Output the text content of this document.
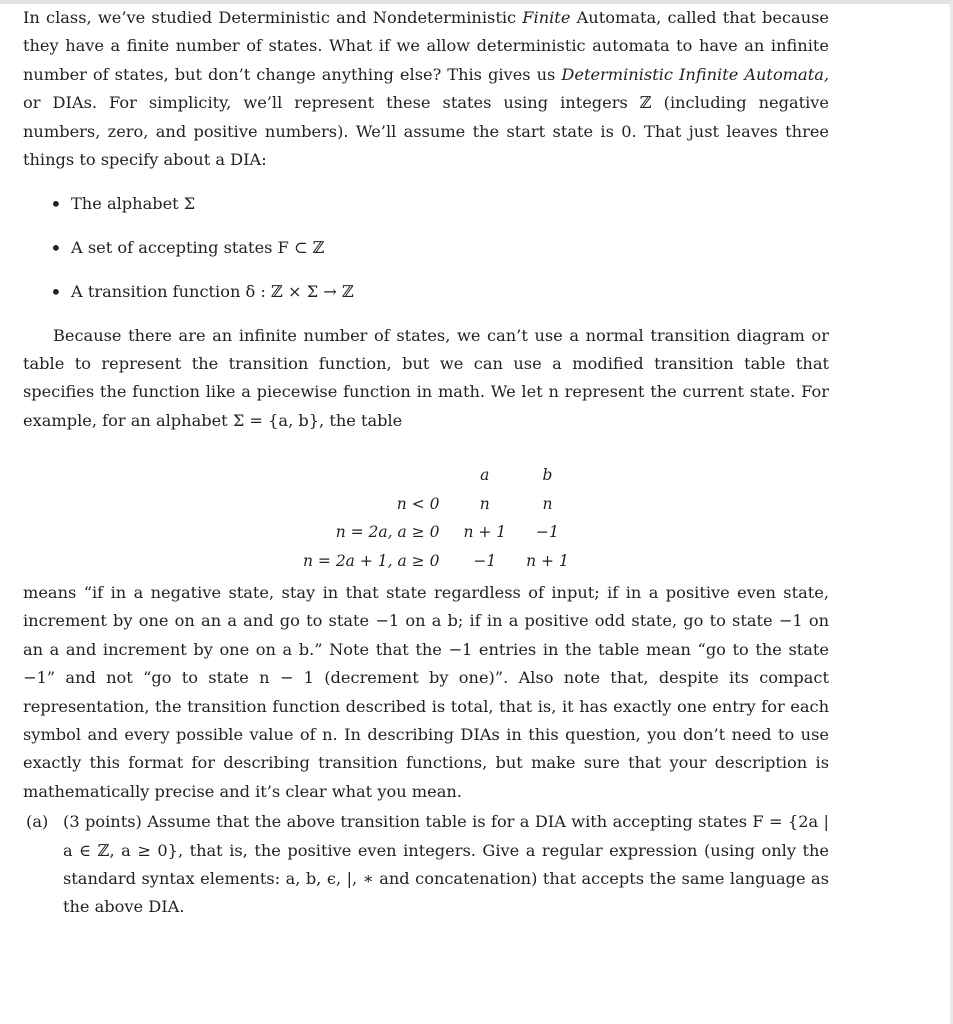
In class, we’ve studied Deterministic and Nondeterministic Finite Automata, called that because they have a finite number of states. What if we allow deterministic automata to have an infinite number of states, but don’t change anything else? This gives us Deterministic Infinite Automata, or DIAs. For simplicity, we’ll represent these states using integers ℤ (including negative numbers, zero, and positive numbers). We’ll assume the start state is 0. That just leaves three things to specify about a DIA:

• The alphabet Σ
• A set of accepting states F ⊂ ℤ
• A transition function δ : ℤ × Σ → ℤ

Because there are an infinite number of states, we can’t use a normal transition diagram or table to represent the transition function, but we can use a modified transition table that specifies the function like a piecewise function in math. We let n represent the current state. For example, for an alphabet Σ = {a, b}, the table

	a	b
n < 0	n	n
n = 2a, a ≥ 0	n + 1	−1
n = 2a + 1, a ≥ 0	−1	n + 1

means “if in a negative state, stay in that state regardless of input; if in a positive even state, increment by one on an a and go to state −1 on a b; if in a positive odd state, go to state −1 on an a and increment by one on a b.” Note that the −1 entries in the table mean “go to the state −1” and not “go to state n − 1 (decrement by one)”. Also note that, despite its compact representation, the transition function described is total, that is, it has exactly one entry for each symbol and every possible value of n. In describing DIAs in this question, you don’t need to use exactly this format for describing transition functions, but make sure that your description is mathematically precise and it’s clear what you mean.

(a) (3 points) Assume that the above transition table is for a DIA with accepting states F = {2a | a ∈ ℤ, a ≥ 0}, that is, the positive even integers. Give a regular expression (using only the standard syntax elements: a, b, ϵ, |, ∗ and concatenation) that accepts the same language as the above DIA.
